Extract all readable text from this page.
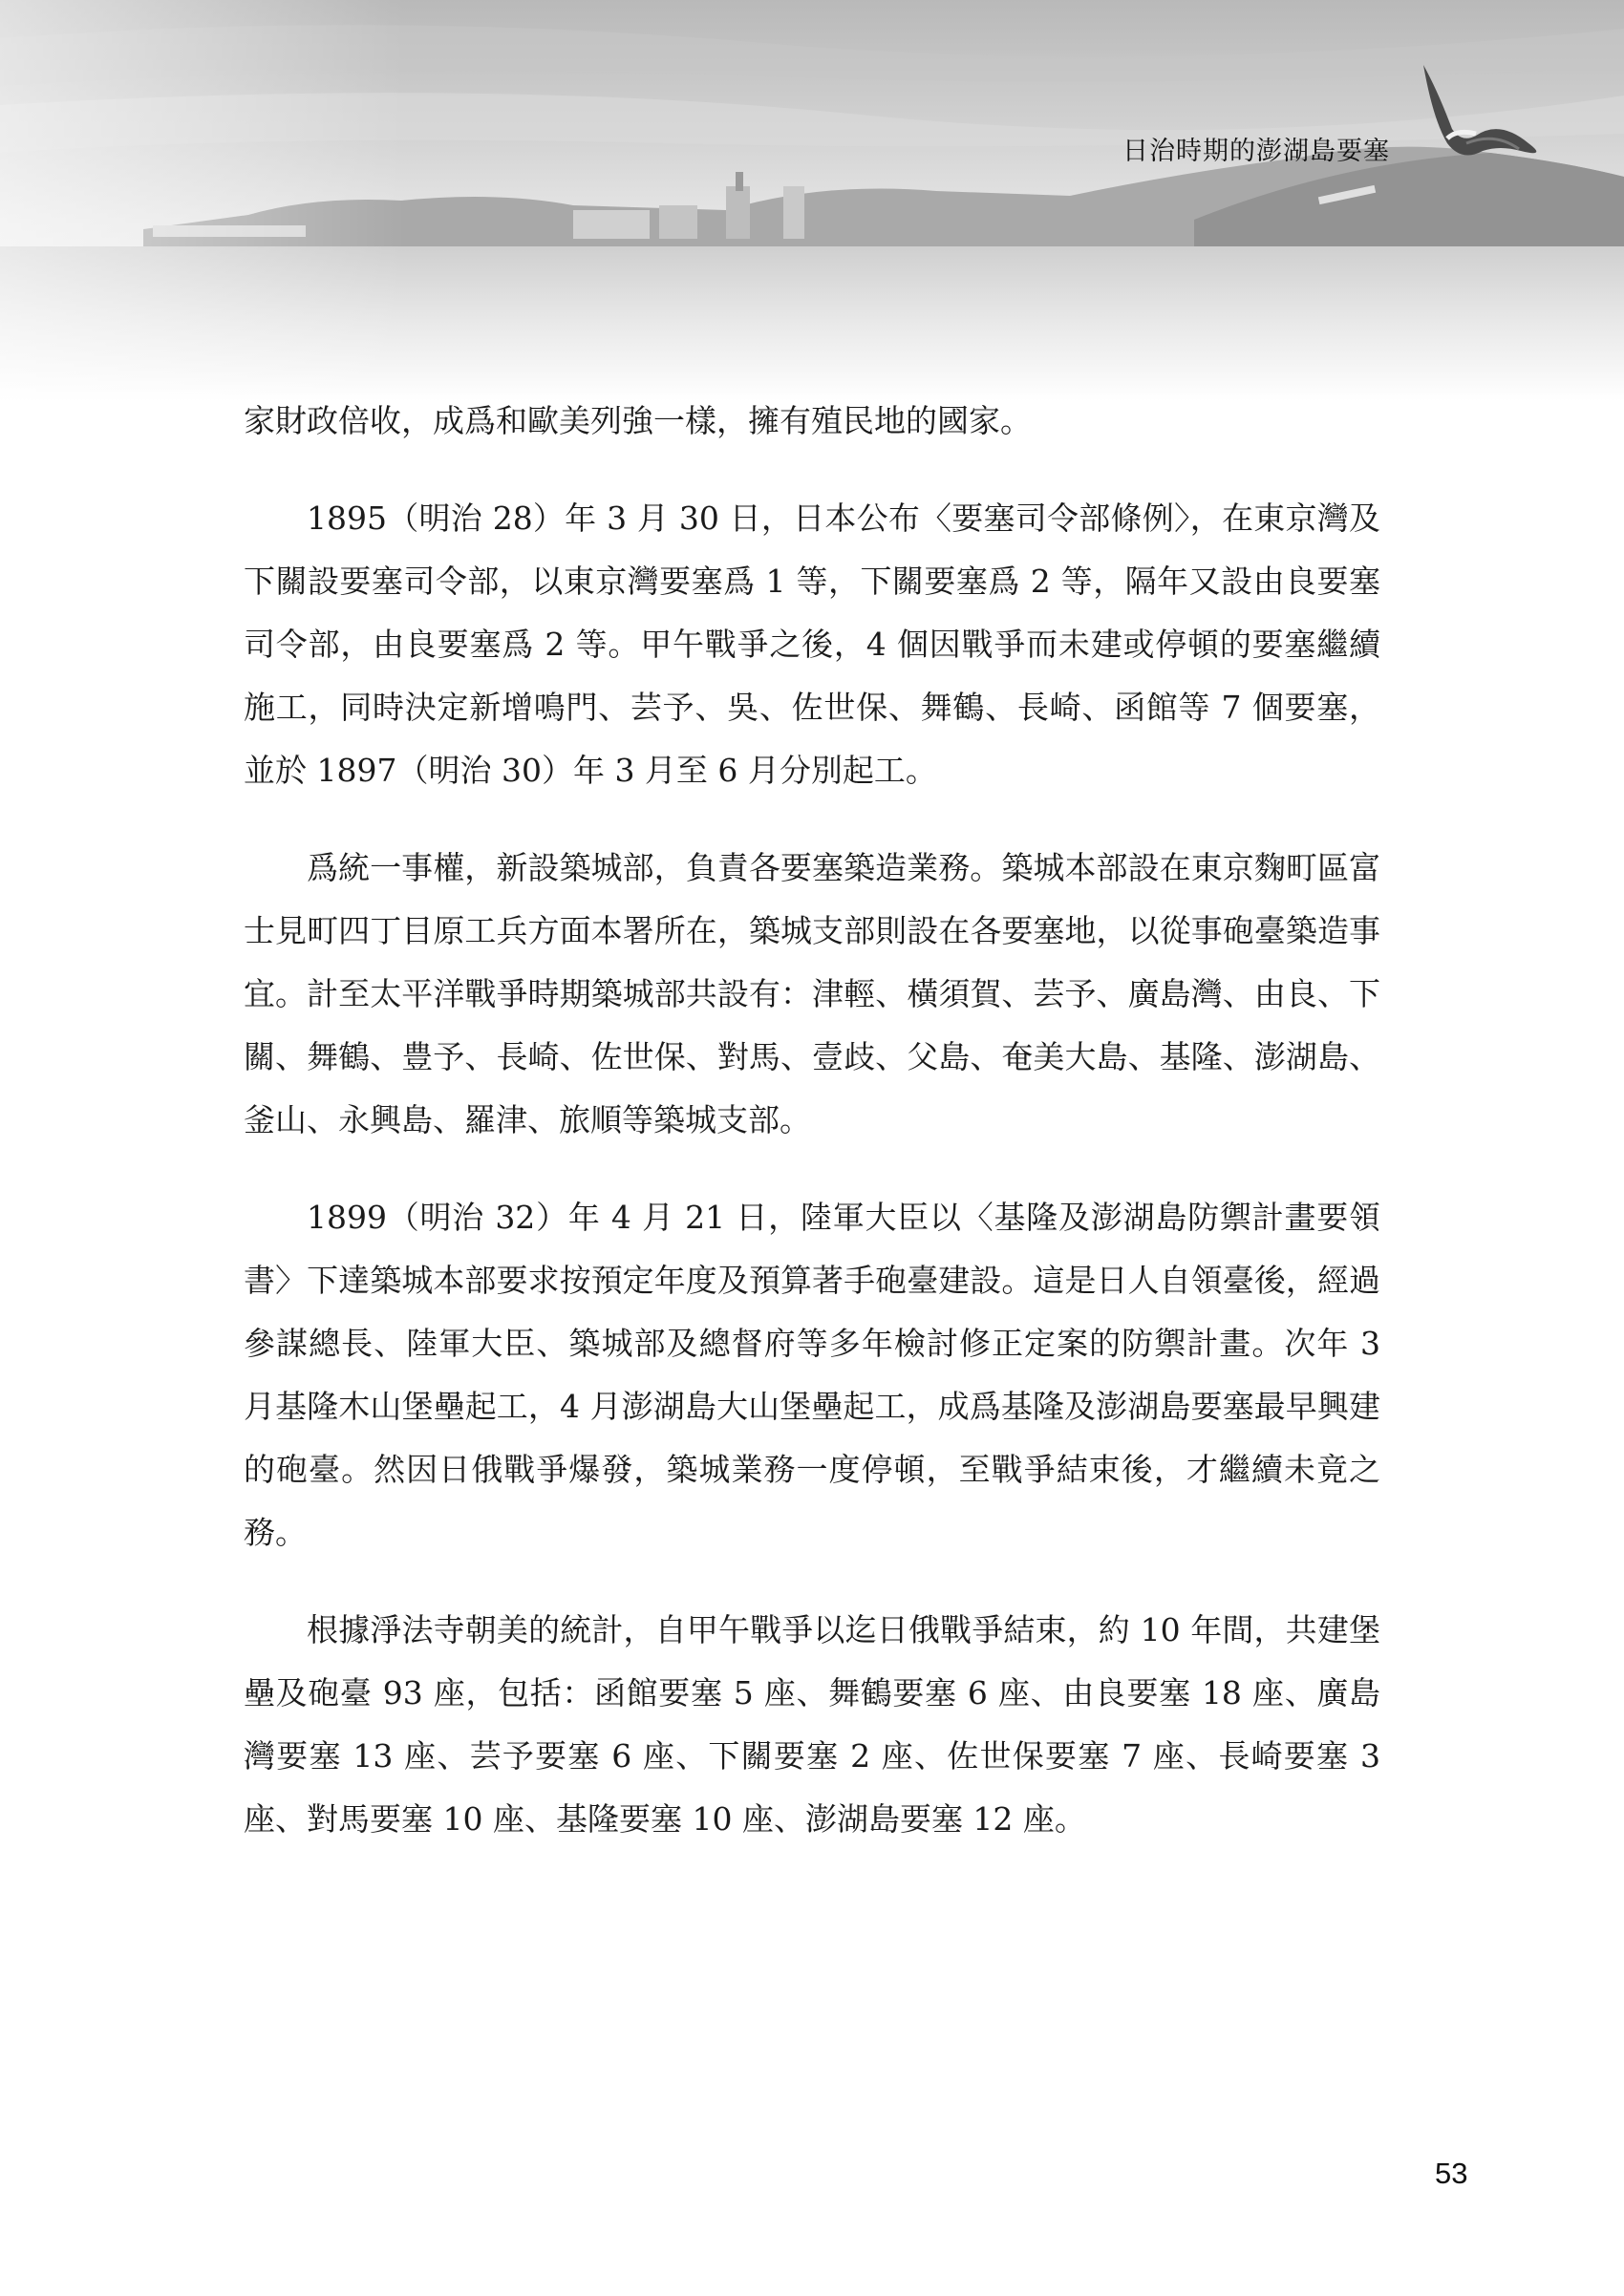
日治時期的澎湖島要塞

家財政倍收，成爲和歐美列強一樣，擁有殖民地的國家。

1895（明治 28）年 3 月 30 日，日本公布〈要塞司令部條例〉，在東京灣及下關設要塞司令部，以東京灣要塞爲 1 等，下關要塞爲 2 等，隔年又設由良要塞司令部，由良要塞爲 2 等。甲午戰爭之後，4 個因戰爭而未建或停頓的要塞繼續施工，同時決定新增鳴門、芸予、吳、佐世保、舞鶴、長崎、函館等 7 個要塞，並於 1897（明治 30）年 3 月至 6 月分別起工。

爲統一事權，新設築城部，負責各要塞築造業務。築城本部設在東京麴町區富士見町四丁目原工兵方面本署所在，築城支部則設在各要塞地，以從事砲臺築造事宜。計至太平洋戰爭時期築城部共設有：津輕、橫須賀、芸予、廣島灣、由良、下關、舞鶴、豊予、長崎、佐世保、對馬、壹歧、父島、奄美大島、基隆、澎湖島、釜山、永興島、羅津、旅順等築城支部。

1899（明治 32）年 4 月 21 日，陸軍大臣以〈基隆及澎湖島防禦計畫要領書〉下達築城本部要求按預定年度及預算著手砲臺建設。這是日人自領臺後，經過參謀總長、陸軍大臣、築城部及總督府等多年檢討修正定案的防禦計畫。次年 3 月基隆木山堡壘起工，4 月澎湖島大山堡壘起工，成爲基隆及澎湖島要塞最早興建的砲臺。然因日俄戰爭爆發，築城業務一度停頓，至戰爭結束後，才繼續未竟之務。

根據淨法寺朝美的統計，自甲午戰爭以迄日俄戰爭結束，約 10 年間，共建堡壘及砲臺 93 座，包括：函館要塞 5 座、舞鶴要塞 6 座、由良要塞 18 座、廣島灣要塞 13 座、芸予要塞 6 座、下關要塞 2 座、佐世保要塞 7 座、長崎要塞 3 座、對馬要塞 10 座、基隆要塞 10 座、澎湖島要塞 12 座。

53
